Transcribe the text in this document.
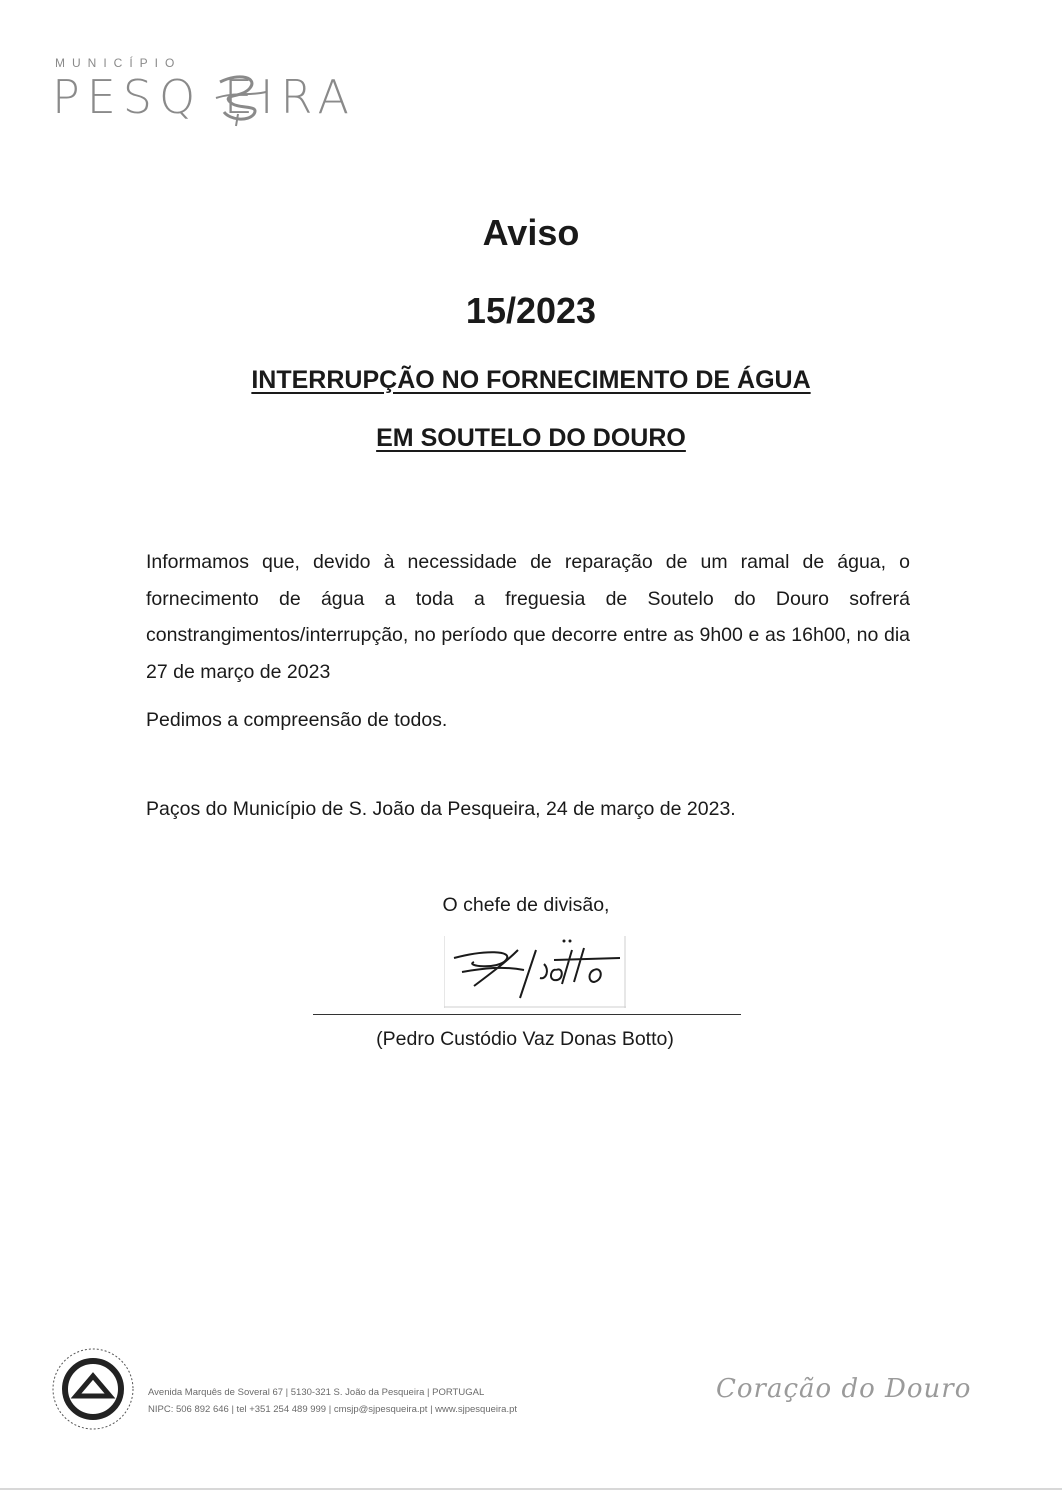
MUNICÍPIO
PESQ EIRA
Aviso
15/2023
INTERRUPÇÃO NO FORNECIMENTO DE ÁGUA
EM SOUTELO DO DOURO
Informamos que, devido à necessidade de reparação de um ramal de água, o fornecimento de água a toda a freguesia de Soutelo do Douro sofrerá constrangimentos/interrupção, no período que decorre entre as 9h00 e as 16h00, no dia 27 de março de 2023
Pedimos a compreensão de todos.
Paços do Município de S. João da Pesqueira, 24 de março de 2023.
O chefe de divisão,
(Pedro Custódio Vaz Donas Botto)
Avenida Marquês de Soveral 67 | 5130-321 S. João da Pesqueira | PORTUGAL
NIPC: 506 892 646 | tel +351 254 489 999 | cmsjp@sjpesqueira.pt | www.sjpesqueira.pt
Coração do Douro
